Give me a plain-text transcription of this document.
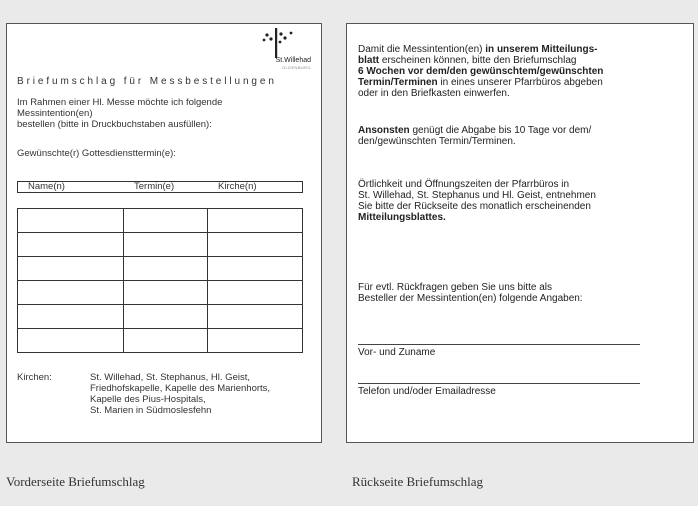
St.Willehad
OLDENBURG
Briefumschlag für Messbestellungen
Im Rahmen einer Hl. Messe möchte ich folgende
Messintention(en)
bestellen (bitte in Druckbuchstaben ausfüllen):
Gewünschte(r) Gottesdiensttermin(e):
Name(n)	Termin(e)	Kirche(n)
Kirchen:	St. Willehad, St. Stephanus, Hl. Geist,
Friedhofskapelle, Kapelle des Marienhorts,
Kapelle des Pius-Hospitals,
St. Marien in Südmoslesfehn
Damit die Messintention(en) in unserem Mitteilungs-
blatt erscheinen können, bitte den Briefumschlag
6 Wochen vor dem/den gewünschtem/gewünschten
Termin/Terminen in eines unserer Pfarrbüros abgeben
oder in den Briefkasten einwerfen.
Ansonsten genügt die Abgabe bis 10 Tage vor dem/
den/gewünschten Termin/Terminen.
Örtlichkeit und Öffnungszeiten der Pfarrbüros in
St. Willehad, St. Stephanus und Hl. Geist, entnehmen
Sie bitte der Rückseite des monatlich erscheinenden
Mitteilungsblattes.
Für evtl. Rückfragen geben Sie uns bitte als
Besteller der Messintention(en) folgende Angaben:
Vor- und Zuname
Telefon und/oder Emailadresse
Vorderseite Briefumschlag	Rückseite Briefumschlag
